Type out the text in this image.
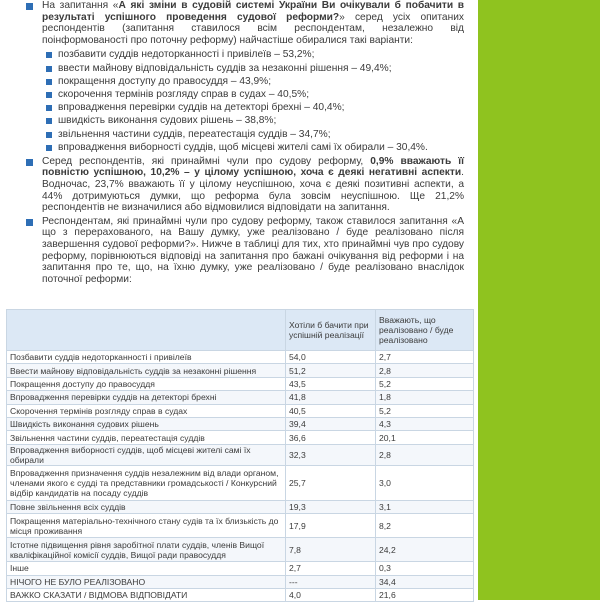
На запитання «А які зміни в судовій системі України Ви очікували б побачити в результаті успішного проведення судової реформи?» серед усіх опитаних респондентів (запитання ставилося всім респондентам, незалежно від поінформованості про поточну реформу) найчастіше обиралися такі варіанти:

позбавити суддів недоторканності і привілеїв – 53,2%;
ввести майнову відповідальність суддів за незаконні рішення – 49,4%;
покращення доступу до правосуддя – 43,9%;
скорочення термінів розгляду справ в судах – 40,5%;
впровадження перевірки суддів на детекторі брехні – 40,4%;
швидкість виконання судових рішень – 38,8%;
звільнення частини суддів, переатестація суддів – 34,7%;
впровадження виборності суддів, щоб місцеві жителі самі їх обирали – 30,4%.

Серед респондентів, які принаймні чули про судову реформу, 0,9% вважають її повністю успішною, 10,2% – у цілому успішною, хоча є деякі негативні аспекти. Водночас, 23,7% вважають її у цілому неуспішною, хоча є деякі позитивні аспекти, а 44% дотримуються думки, що реформа була зовсім неуспішною. Ще 21,2% респондентів не визначилися або відмовилися відповідати на запитання.

Респондентам, які принаймні чули про судову реформу, також ставилося запитання «А що з перерахованого, на Вашу думку, уже реалізовано / буде реалізовано після завершення судової реформи?». Нижче в таблиці для тих, хто принаймні чув про судову реформу, порівнюються відповіді на запитання про бажані очікування від реформи і на запитання про те, що, на їхню думку, уже реалізовано / буде реалізовано внаслідок поточної реформи:

	Хотіли б бачити при успішній реалізації	Вважають, що реалізовано / буде реалізовано
Позбавити суддів недоторканності і привілеїв	54,0	2,7
Ввести майнову відповідальність суддів за незаконні рішення	51,2	2,8
Покращення доступу до правосуддя	43,5	5,2
Впровадження перевірки суддів на детекторі брехні	41,8	1,8
Скорочення термінів розгляду справ в судах	40,5	5,2
Швидкість виконання судових рішень	39,4	4,3
Звільнення частини суддів, переатестація суддів	36,6	20,1
Впровадження виборності суддів, щоб місцеві жителі самі їх обирали	32,3	2,8
Впровадження призначення суддів незалежним від влади органом, членами якого є судді та представники громадськості / Конкурсний відбір кандидатів на посаду суддів	25,7	3,0
Повне звільнення всіх суддів	19,3	3,1
Покращення матеріально-технічного стану судів та їх близькість до місця проживання	17,9	8,2
Істотне підвищення рівня заробітної плати суддів, членів Вищої кваліфікаційної комісії суддів, Вищої ради правосуддя	7,8	24,2
Інше	2,7	0,3
НІЧОГО НЕ БУЛО РЕАЛІЗОВАНО	---	34,4
ВАЖКО СКАЗАТИ / ВІДМОВА ВІДПОВІДАТИ	4,0	21,6
